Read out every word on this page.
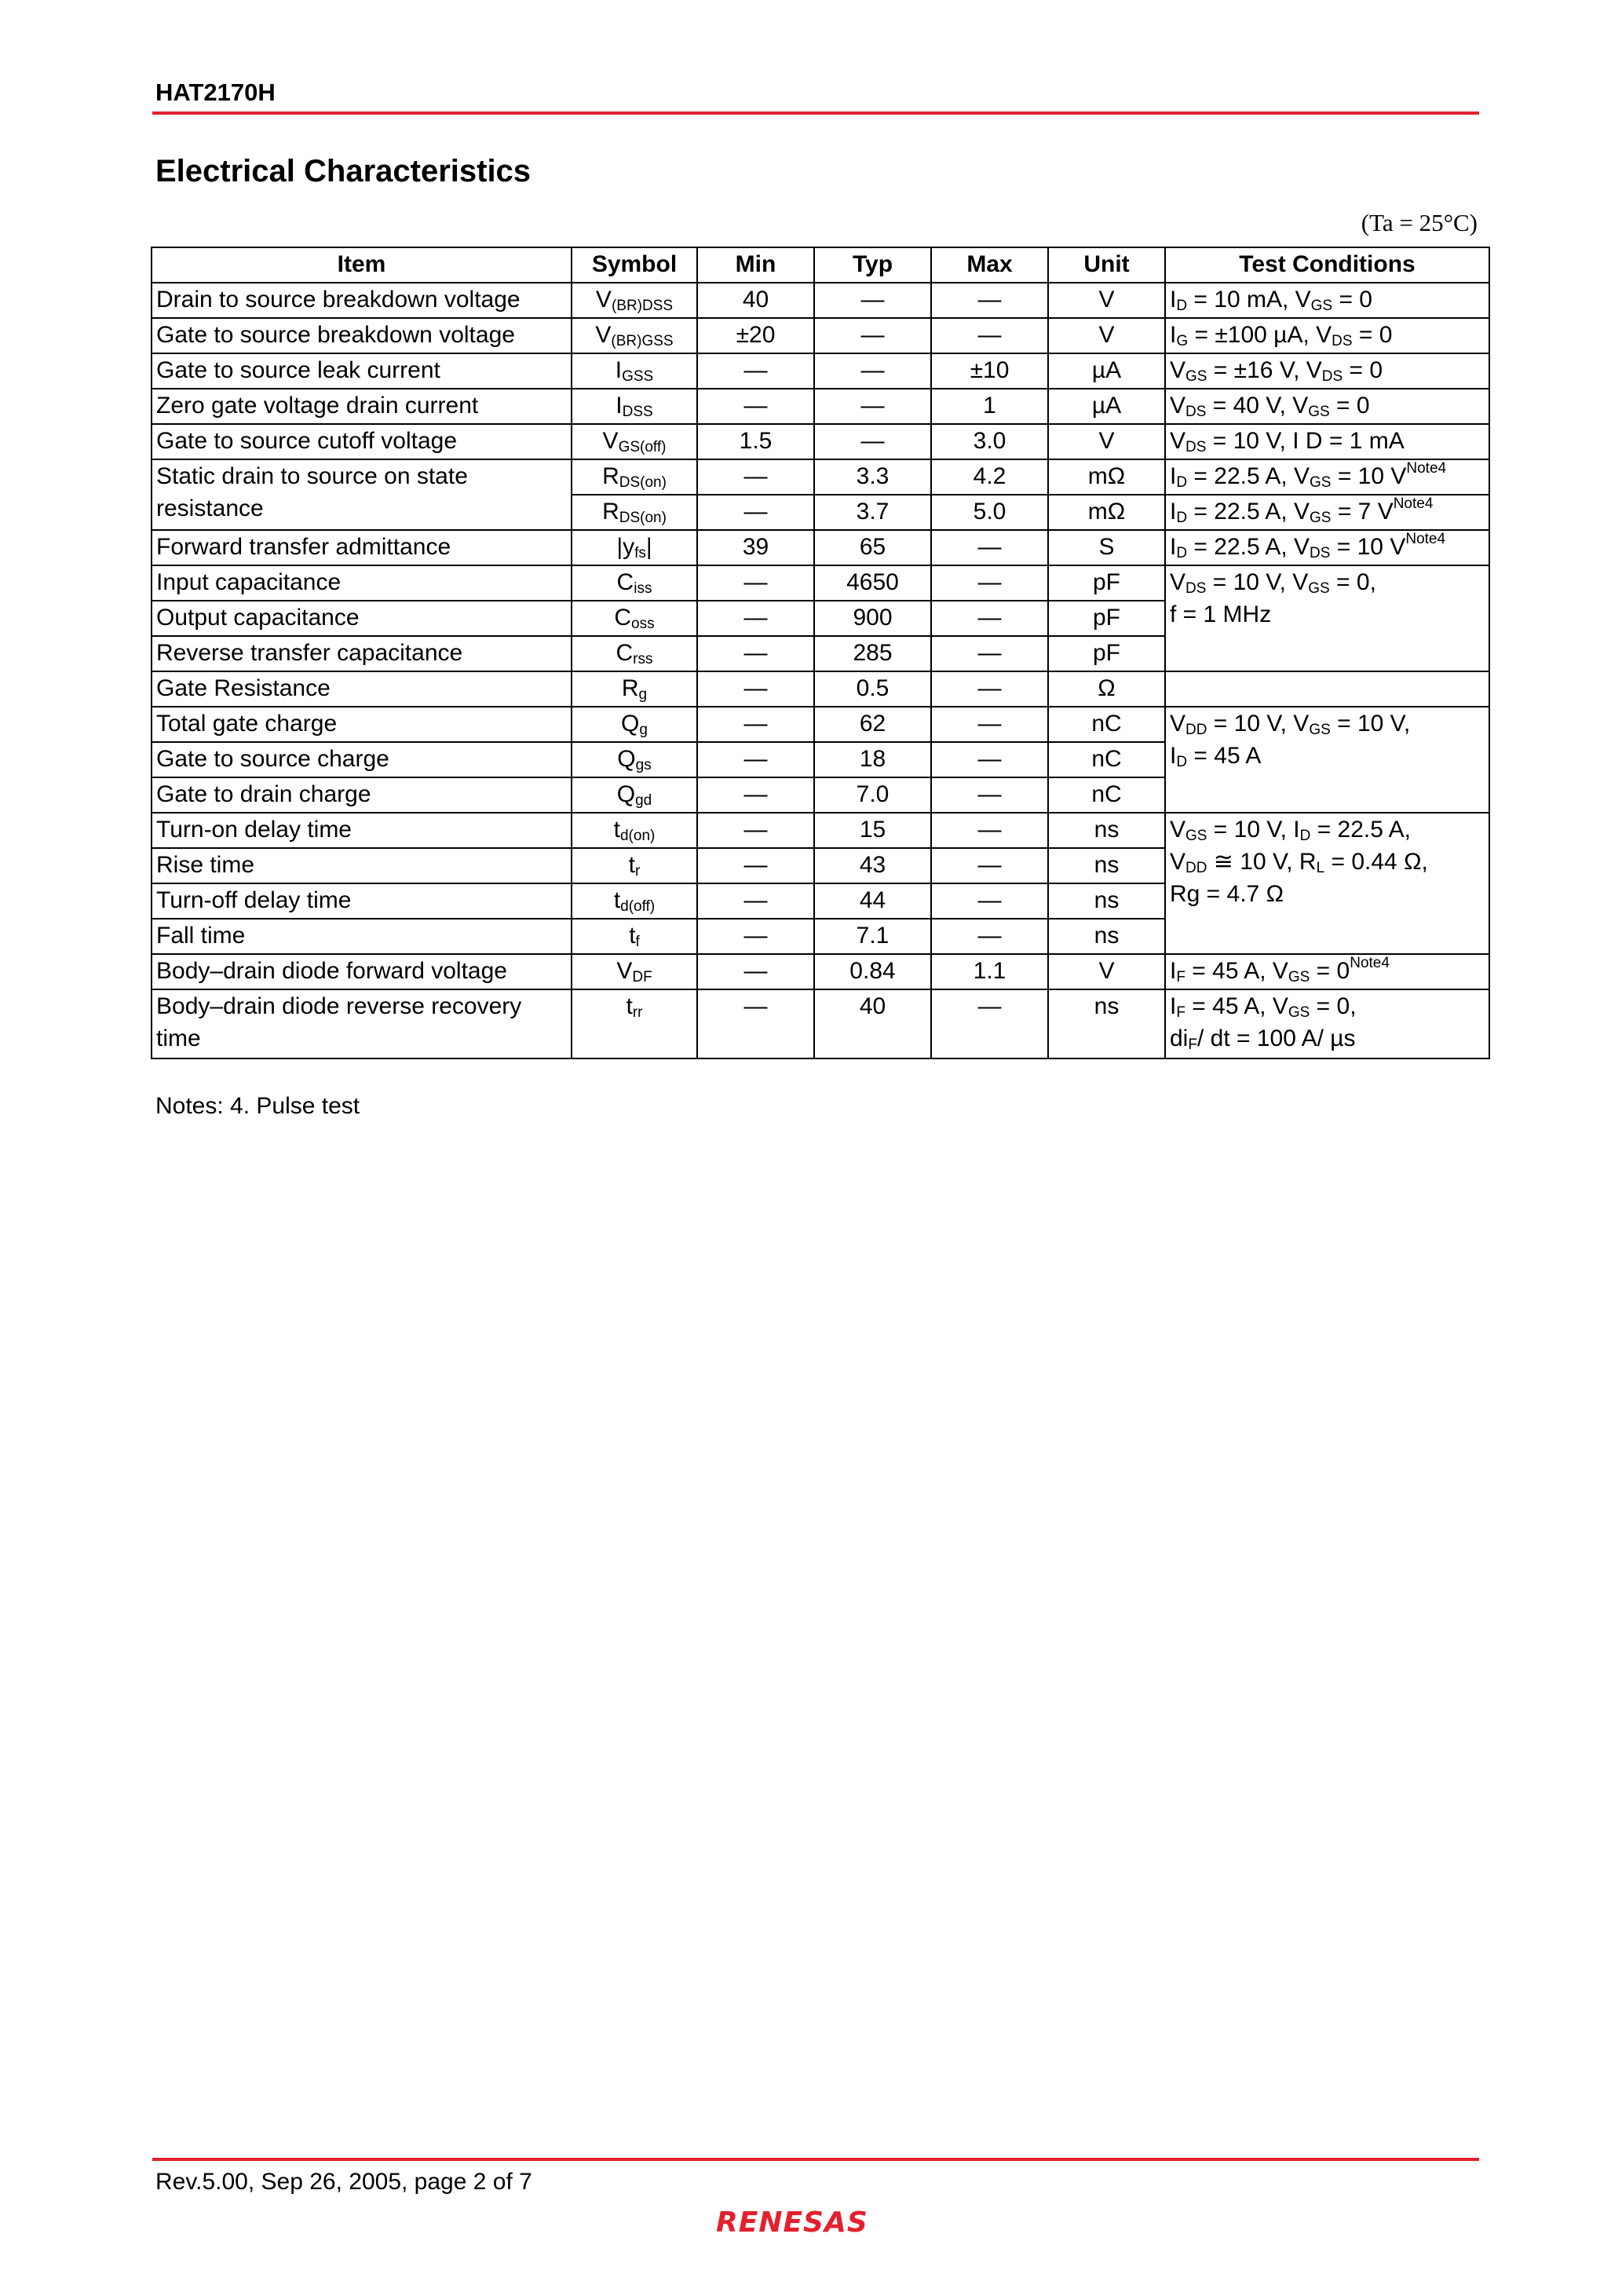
HAT2170H
Electrical Characteristics
(Ta = 25°C)
Item	Symbol	Min	Typ	Max	Unit	Test Conditions
Drain to source breakdown voltage	$V_{(BR)DSS}$	40	—	—	V	$I_D = 10$ mA, $V_{GS} = 0$
Gate to source breakdown voltage	$V_{(BR)GSS}$	±20	—	—	V	$I_G = \pm 100$ µA, $V_{DS} = 0$
Gate to source leak current	$I_{GSS}$	—	—	±10	µA	$V_{GS} = \pm 16$ V, $V_{DS} = 0$
Zero gate voltage drain current	$I_{DSS}$	—	—	1	µA	$V_{DS} = 40$ V, $V_{GS} = 0$
Gate to source cutoff voltage	$V_{GS(off)}$	1.5	—	3.0	V	$V_{DS} = 10$ V, I D = 1 mA
Static drain to source on state resistance	$R_{DS(on)}$	—	3.3	4.2	mΩ	$I_D = 22.5$ A, $V_{GS} = 10$ $V^{Note4}$
	$R_{DS(on)}$	—	3.7	5.0	mΩ	$I_D = 22.5$ A, $V_{GS} = 7$ $V^{Note4}$
Forward transfer admittance	$|y_{fs}|$	39	65	—	S	$I_D = 22.5$ A, $V_{DS} = 10$ $V^{Note4}$
Input capacitance	$C_{iss}$	—	4650	—	pF	$V_{DS} = 10$ V, $V_{GS} = 0$,
f = 1 MHz

Output capacitance	$C_{oss}$	—	900	—	pF	
Reverse transfer capacitance	$C_{rss}$	—	285	—	pF	
Gate Resistance	$R_g$	—	0.5	—	Ω	
Total gate charge	$Q_g$	—	62	—	nC	$V_{DD} = 10$ V, $V_{GS} = 10$ V,
$I_D = 45$ A

Gate to source charge	$Q_{gs}$	—	18	—	nC	
Gate to drain charge	$Q_{gd}$	—	7.0	—	nC	
Turn-on delay time	$t_{d(on)}$	—	15	—	ns	$V_{GS} = 10$ V, $I_D = 22.5$ A,
$V_{DD}$ ≅ 10 V, $R_L = 0.44$ Ω,
Rg = 4.7 Ω

Rise time	$t_r$	—	43	—	ns	
Turn-off delay time	$t_{d(off)}$	—	44	—	ns	
Fall time	$t_f$	—	7.1	—	ns	
Body–drain diode forward voltage	$V_{DF}$	—	0.84	1.1	V	$I_F = 45$ A, $V_{GS} = 0^{Note4}$
Body–drain diode reverse recovery time	$t_{rr}$	—	40	—	ns	$I_F = 45$ A, $V_{GS} = 0$,
$di_F/$ dt = 100 A/ µs
Notes: 4. Pulse test
Rev.5.00, Sep 26, 2005, page 2 of 7
RENESAS
